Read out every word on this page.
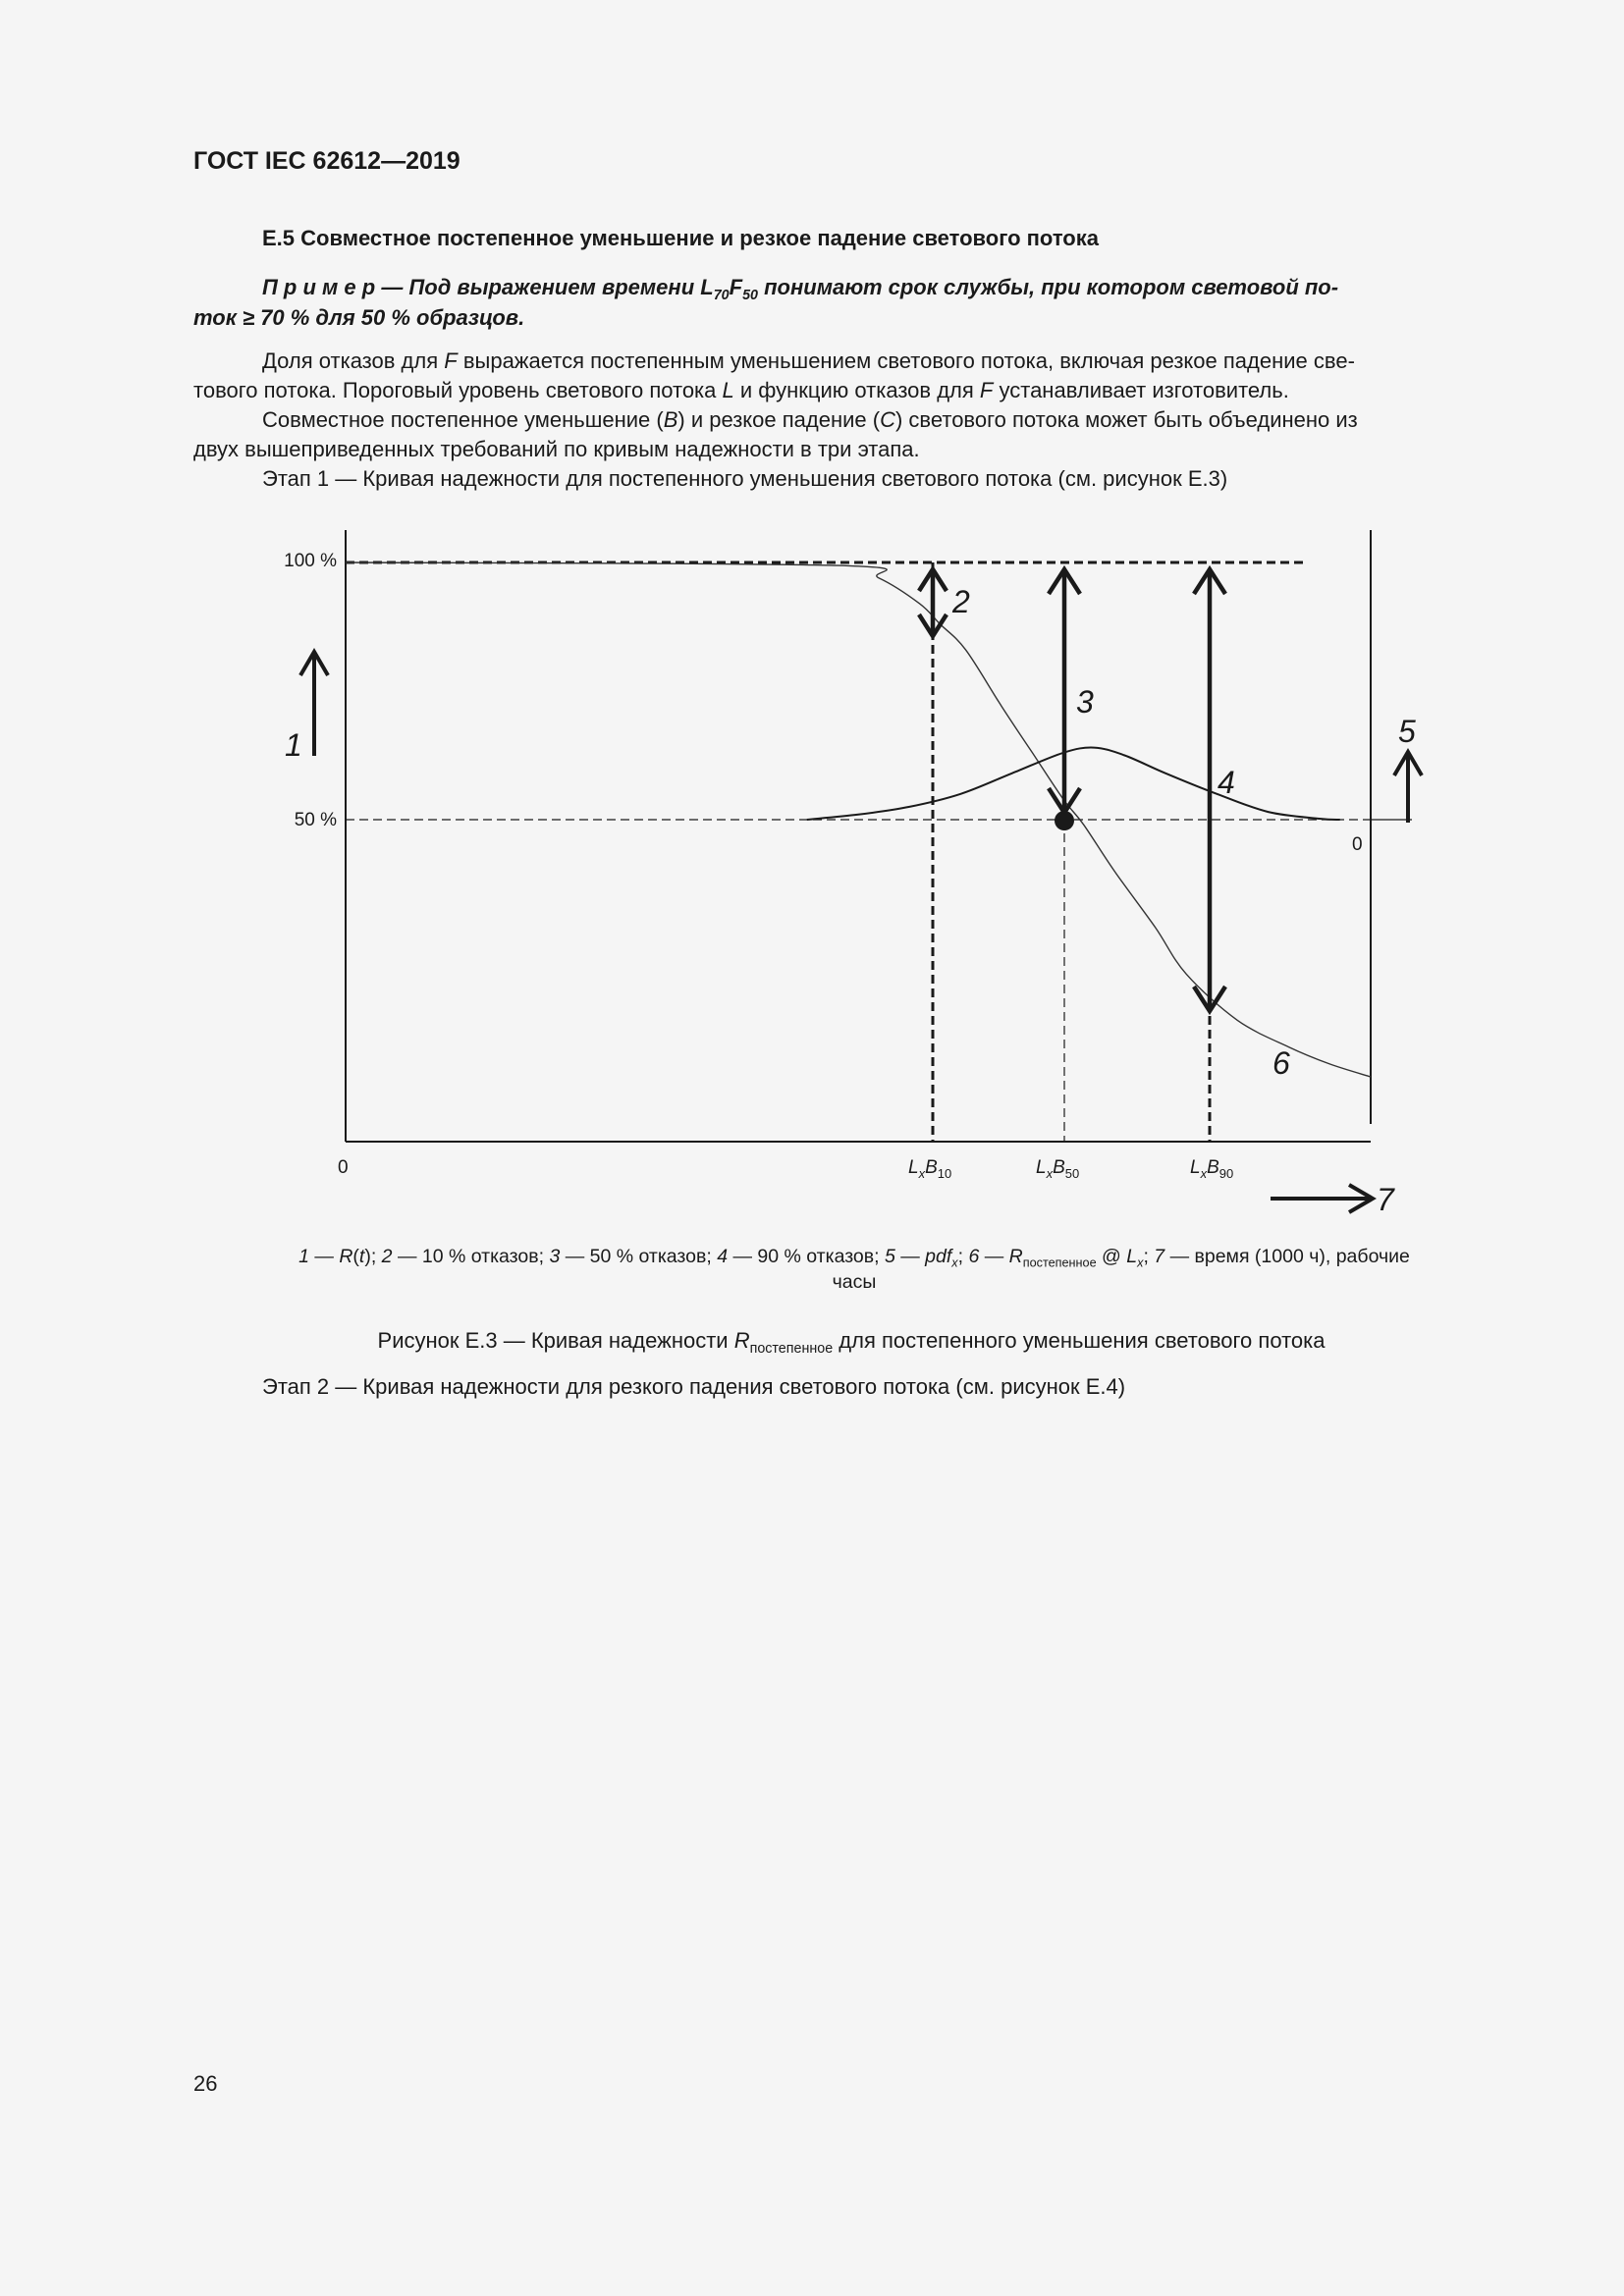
ГОСТ IEC 62612—2019
Е.5 Совместное постепенное уменьшение и резкое падение светового потока
П р и м е р — Под выражением времени $L_{70}F_{50}$ понимают срок службы, при котором световой по-
ток ≥ 70 % для 50 % образцов.
Доля отказов для F выражается постепенным уменьшением светового потока, включая резкое падение све-
тового потока. Пороговый уровень светового потока L и функцию отказов для F устанавливает изготовитель.
Совместное постепенное уменьшение (B) и резкое падение (C) светового потока может быть объединено из
двух вышеприведенных требований по кривым надежности в три этапа.
Этап 1 — Кривая надежности для постепенного уменьшения светового потока (см. рисунок Е.3)
100 %
50 %
0
0	$L_xB_{10}$	$L_xB_{50}$	$L_xB_{90}$
1
2
3
4
5
6
7
1 — R(t); 2 — 10 % отказов; 3 — 50 % отказов; 4 — 90 % отказов; 5 — pdf$_x$; 6 — $R_{постепенное}$ @ $L_x$; 7 — время (1000 ч), рабочие
часы
Рисунок Е.3 — Кривая надежности $R_{постепенное}$ для постепенного уменьшения светового потока
Этап 2 — Кривая надежности для резкого падения светового потока (см. рисунок Е.4)
26
